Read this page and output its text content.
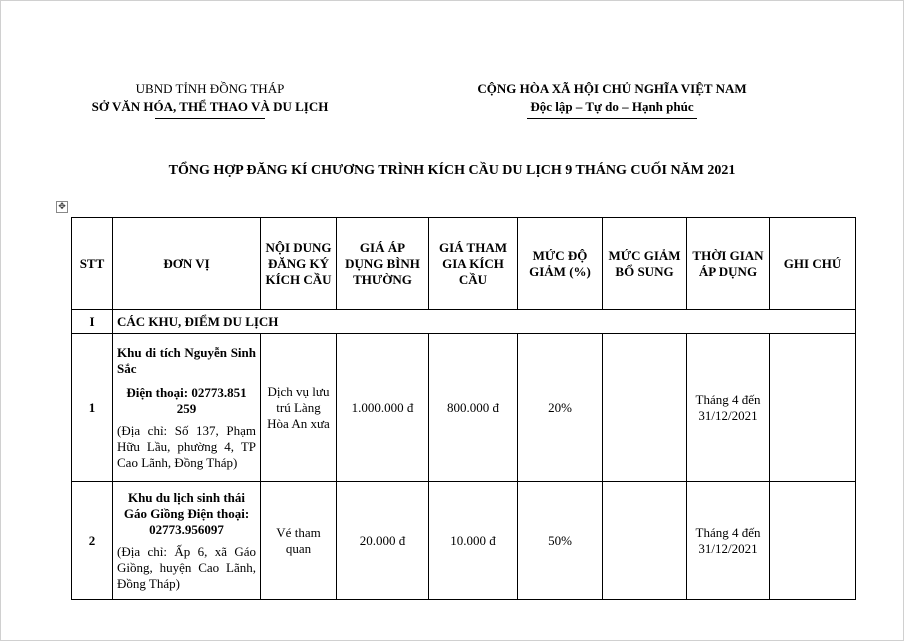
UBND TỈNH ĐỒNG THÁP
SỞ VĂN HÓA, THỂ THAO VÀ DU LỊCH
CỘNG HÒA XÃ HỘI CHỦ NGHĨA VIỆT NAM
Độc lập – Tự do – Hạnh phúc
TỔNG HỢP ĐĂNG KÍ CHƯƠNG TRÌNH KÍCH CẦU DU LỊCH 9 THÁNG CUỐI NĂM 2021
✥
STT	ĐƠN VỊ	NỘI DUNG ĐĂNG KÝ KÍCH CẦU	GIÁ ÁP DỤNG BÌNH THƯỜNG	GIÁ THAM GIA KÍCH CẦU	MỨC ĐỘ GIẢM (%)	MỨC GIẢM BỔ SUNG	THỜI GIAN ÁP DỤNG	GHI CHÚ
I	CÁC KHU, ĐIỂM DU LỊCH							
1	Khu di tích Nguyễn Sinh Sắc

Điện thoại: 02773.851 259

(Địa chỉ: Số 137, Phạm Hữu Lầu, phường 4, TP Cao Lãnh, Đồng Tháp)	Dịch vụ lưu trú Làng Hòa An xưa	1.000.000 đ	800.000 đ	20%		Tháng 4 đến 31/12/2021	
2	Khu du lịch sinh thái Gáo Giồng Điện thoại: 02773.956097

(Địa chỉ: Ấp 6, xã Gáo Giồng, huyện Cao Lãnh, Đồng Tháp)	Vé tham quan	20.000 đ	10.000 đ	50%		Tháng 4 đến 31/12/2021	
